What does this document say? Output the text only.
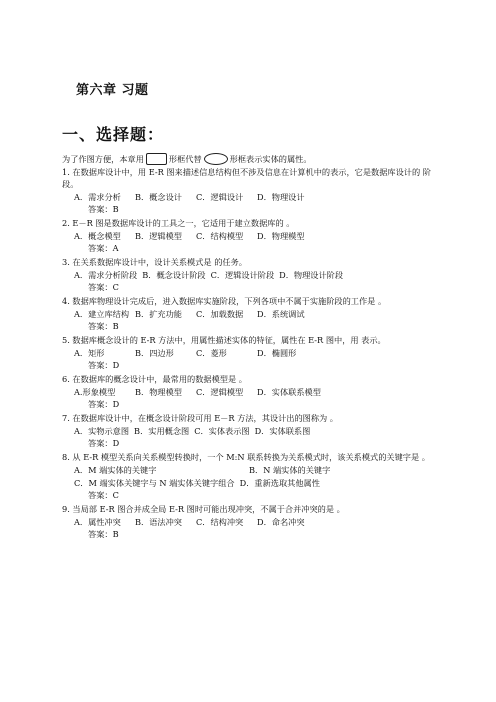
第六章 习题
一、选择题：
为了作图方便，本章用	形框代替	形框表示实体的属性。
1. 在数据库设计中，用 E-R 图来描述信息结构但不涉及信息在计算机中的表示，它是数据库设计的 阶段。
A．需求分析	B．概念设计	C．逻辑设计	D．物理设计
答案：B
2. E－R 图是数据库设计的工具之一，它适用于建立数据库的 。
A．概念模型	B．逻辑模型	C．结构模型	D．物理模型
答案：A
3. 在关系数据库设计中，设计关系模式是 的任务。
A．需求分析阶段 B．概念设计阶段 C．逻辑设计阶段 D．物理设计阶段
答案：C
4. 数据库物理设计完成后，进入数据库实施阶段，下列各项中不属于实施阶段的工作是 。
A．建立库结构 B．扩充功能	C．加载数据	D．系统调试
答案：B
5. 数据库概念设计的 E-R 方法中，用属性描述实体的特征，属性在 E-R 图中，用 表示。
A．矩形	B．四边形	C．菱形	D．椭圆形
答案：D
6. 在数据库的概念设计中，最常用的数据模型是 。
A.形象模型	B．物理模型	C．逻辑模型	D．实体联系模型
答案：D
7. 在数据库设计中，在概念设计阶段可用 E－R 方法，其设计出的图称为 。
A．实物示意图 B．实用概念图 C．实体表示图 D．实体联系图
答案：D
8. 从 E-R 模型关系向关系模型转换时，一个 M:N 联系转换为关系模式时，该关系模式的关键字是 。
A．M 端实体的关键字	B．N 端实体的关键字
C．M 端实体关键字与 N 端实体关键字组合 D．重新选取其他属性
答案：C
9. 当局部 E-R 图合并成全局 E-R 图时可能出现冲突，不属于合并冲突的是 。
A．属性冲突	B．语法冲突	C．结构冲突	D．命名冲突
答案：B
